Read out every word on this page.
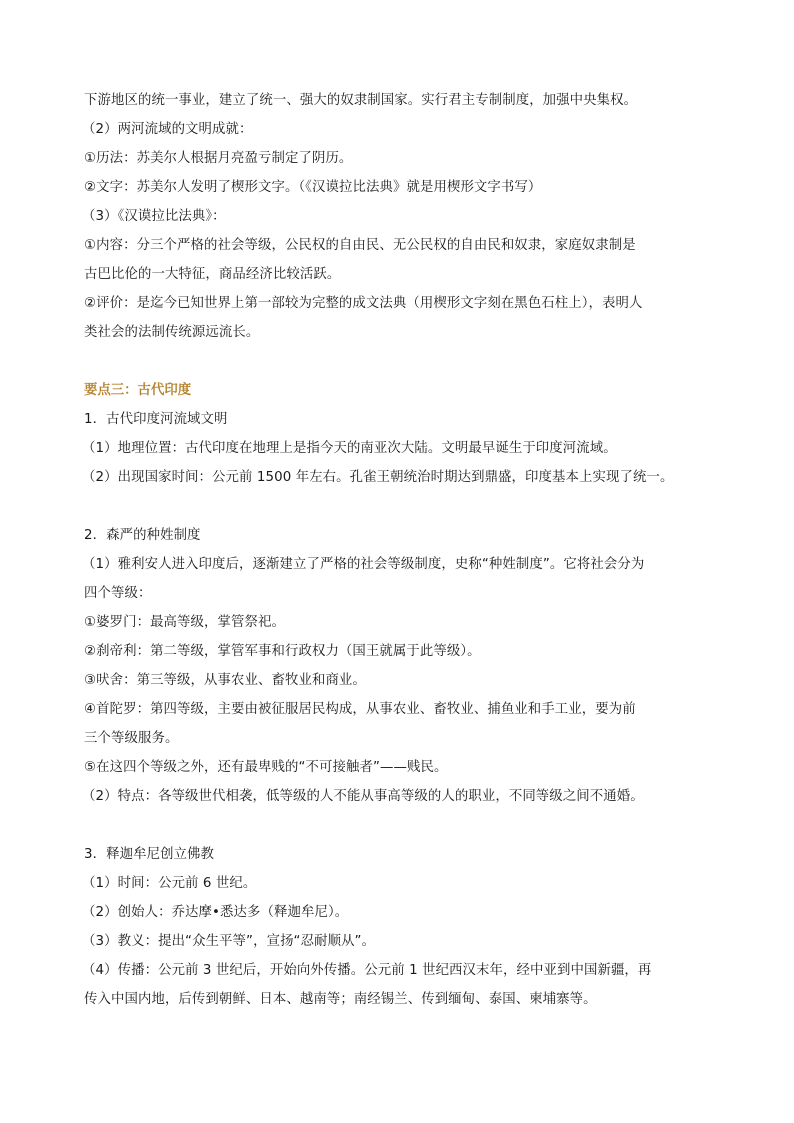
下游地区的统一事业，建立了统一、强大的奴隶制国家。实行君主专制制度，加强中央集权。
（2）两河流域的文明成就：
①历法：苏美尔人根据月亮盈亏制定了阴历。
②文字：苏美尔人发明了楔形文字。（《汉谟拉比法典》就是用楔形文字书写）
（3）《汉谟拉比法典》：
①内容：分三个严格的社会等级，公民权的自由民、无公民权的自由民和奴隶，家庭奴隶制是
古巴比伦的一大特征，商品经济比较活跃。
②评价：是迄今已知世界上第一部较为完整的成文法典（用楔形文字刻在黑色石柱上），表明人
类社会的法制传统源远流长。
要点三：古代印度
1．古代印度河流域文明
（1）地理位置：古代印度在地理上是指今天的南亚次大陆。文明最早诞生于印度河流域。
（2）出现国家时间：公元前 1500 年左右。孔雀王朝统治时期达到鼎盛，印度基本上实现了统一。
2．森严的种姓制度
（1）雅利安人进入印度后，逐渐建立了严格的社会等级制度，史称“种姓制度”。它将社会分为
四个等级：
①婆罗门：最高等级，掌管祭祀。
②刹帝利：第二等级，掌管军事和行政权力（国王就属于此等级）。
③吠舍：第三等级，从事农业、畜牧业和商业。
④首陀罗：第四等级，主要由被征服居民构成，从事农业、畜牧业、捕鱼业和手工业，要为前
三个等级服务。
⑤在这四个等级之外，还有最卑贱的“不可接触者”——贱民。
（2）特点：各等级世代相袭，低等级的人不能从事高等级的人的职业，不同等级之间不通婚。
3．释迦牟尼创立佛教
（1）时间：公元前 6 世纪。
（2）创始人：乔达摩•悉达多（释迦牟尼）。
（3）教义：提出“众生平等”，宣扬“忍耐顺从”。
（4）传播：公元前 3 世纪后，开始向外传播。公元前 1 世纪西汉末年，经中亚到中国新疆，再
传入中国内地，后传到朝鲜、日本、越南等；南经锡兰、传到缅甸、泰国、柬埔寨等。
